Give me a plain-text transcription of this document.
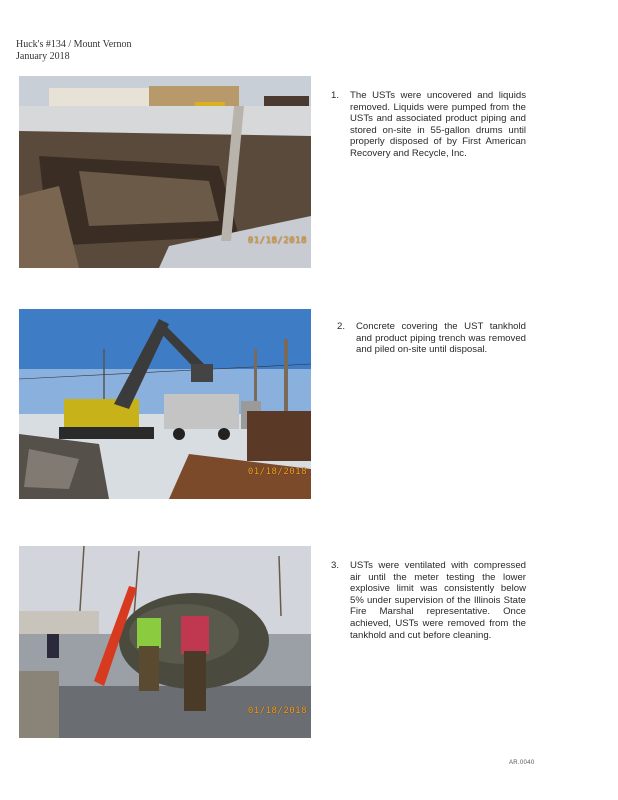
Huck's #134 / Mount Vernon
January 2018
01/18/2018
1. The USTs were uncovered and liquids removed. Liquids were pumped from the USTs and associated product piping and stored on-site in 55-gallon drums until properly disposed of by First American Recovery and Recycle, Inc.
01/18/2018
2. Concrete covering the UST tankhold and product piping trench was removed and piled on-site until disposal.
01/18/2018
3. USTs were ventilated with compressed air until the meter testing the lower explosive limit was consistently below 5% under supervision of the Illinois State Fire Marshal representative. Once achieved, USTs were removed from the tankhold and cut before cleaning.
AR.0040
